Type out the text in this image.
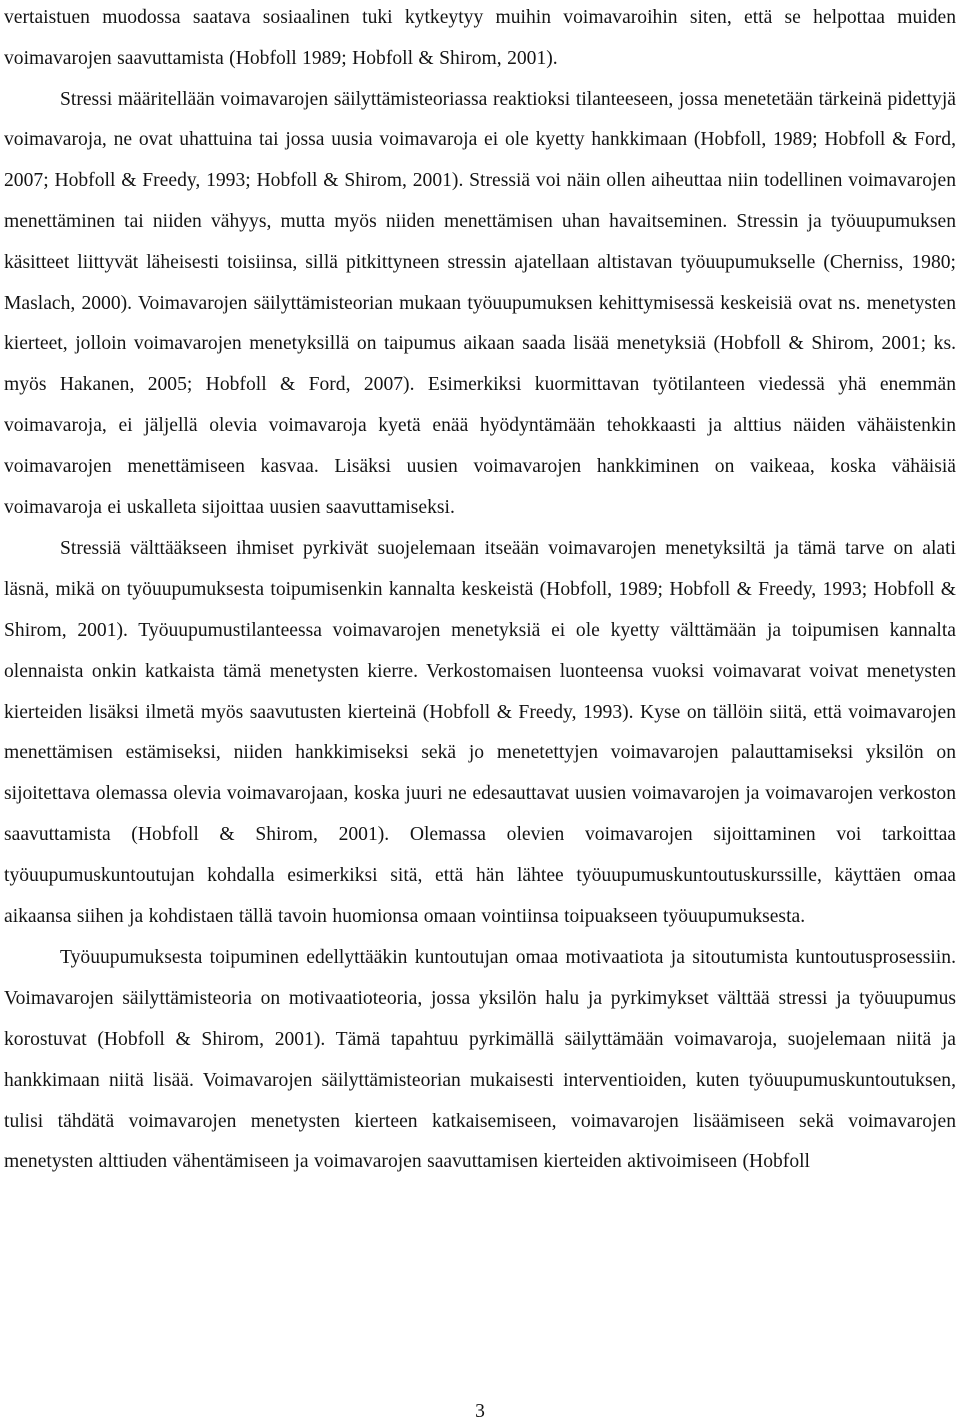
vertaistuen muodossa saatava sosiaalinen tuki kytkeytyy muihin voimavaroihin siten, että se helpottaa muiden voimavarojen saavuttamista (Hobfoll 1989; Hobfoll & Shirom, 2001).

Stressi määritellään voimavarojen säilyttämisteoriassa reaktioksi tilanteeseen, jossa menetetään tärkeinä pidettyjä voimavaroja, ne ovat uhattuina tai jossa uusia voimavaroja ei ole kyetty hankkimaan (Hobfoll, 1989; Hobfoll & Ford, 2007; Hobfoll & Freedy, 1993; Hobfoll & Shirom, 2001). Stressiä voi näin ollen aiheuttaa niin todellinen voimavarojen menettäminen tai niiden vähyys, mutta myös niiden menettämisen uhan havaitseminen. Stressin ja työuupumuksen käsitteet liittyvät läheisesti toisiinsa, sillä pitkittyneen stressin ajatellaan altistavan työuupumukselle (Cherniss, 1980; Maslach, 2000). Voimavarojen säilyttämisteorian mukaan työuupumuksen kehittymisessä keskeisiä ovat ns. menetysten kierteet, jolloin voimavarojen menetyksillä on taipumus aikaan saada lisää menetyksiä (Hobfoll & Shirom, 2001; ks. myös Hakanen, 2005; Hobfoll & Ford, 2007). Esimerkiksi kuormittavan työtilanteen viedessä yhä enemmän voimavaroja, ei jäljellä olevia voimavaroja kyetä enää hyödyntämään tehokkaasti ja alttius näiden vähäistenkin voimavarojen menettämiseen kasvaa. Lisäksi uusien voimavarojen hankkiminen on vaikeaa, koska vähäisiä voimavaroja ei uskalleta sijoittaa uusien saavuttamiseksi.

Stressiä välttääkseen ihmiset pyrkivät suojelemaan itseään voimavarojen menetyksiltä ja tämä tarve on alati läsnä, mikä on työuupumuksesta toipumisenkin kannalta keskeistä (Hobfoll, 1989; Hobfoll & Freedy, 1993; Hobfoll & Shirom, 2001). Työuupumustilanteessa voimavarojen menetyksiä ei ole kyetty välttämään ja toipumisen kannalta olennaista onkin katkaista tämä menetysten kierre. Verkostomaisen luonteensa vuoksi voimavarat voivat menetysten kierteiden lisäksi ilmetä myös saavutusten kierteinä (Hobfoll & Freedy, 1993). Kyse on tällöin siitä, että voimavarojen menettämisen estämiseksi, niiden hankkimiseksi sekä jo menetettyjen voimavarojen palauttamiseksi yksilön on sijoitettava olemassa olevia voimavarojaan, koska juuri ne edesauttavat uusien voimavarojen ja voimavarojen verkoston saavuttamista (Hobfoll & Shirom, 2001). Olemassa olevien voimavarojen sijoittaminen voi tarkoittaa työuupumuskuntoutujan kohdalla esimerkiksi sitä, että hän lähtee työuupumuskuntoutuskurssille, käyttäen omaa aikaansa siihen ja kohdistaen tällä tavoin huomionsa omaan vointiinsa toipuakseen työuupumuksesta.

Työuupumuksesta toipuminen edellyttääkin kuntoutujan omaa motivaatiota ja sitoutumista kuntoutusprosessiin. Voimavarojen säilyttämisteoria on motivaatioteoria, jossa yksilön halu ja pyrkimykset välttää stressi ja työuupumus korostuvat (Hobfoll & Shirom, 2001). Tämä tapahtuu pyrkimällä säilyttämään voimavaroja, suojelemaan niitä ja hankkimaan niitä lisää. Voimavarojen säilyttämisteorian mukaisesti interventioiden, kuten työuupumuskuntoutuksen, tulisi tähdätä voimavarojen menetysten kierteen katkaisemiseen, voimavarojen lisäämiseen sekä voimavarojen menetysten alttiuden vähentämiseen ja voimavarojen saavuttamisen kierteiden aktivoimiseen (Hobfoll

3
